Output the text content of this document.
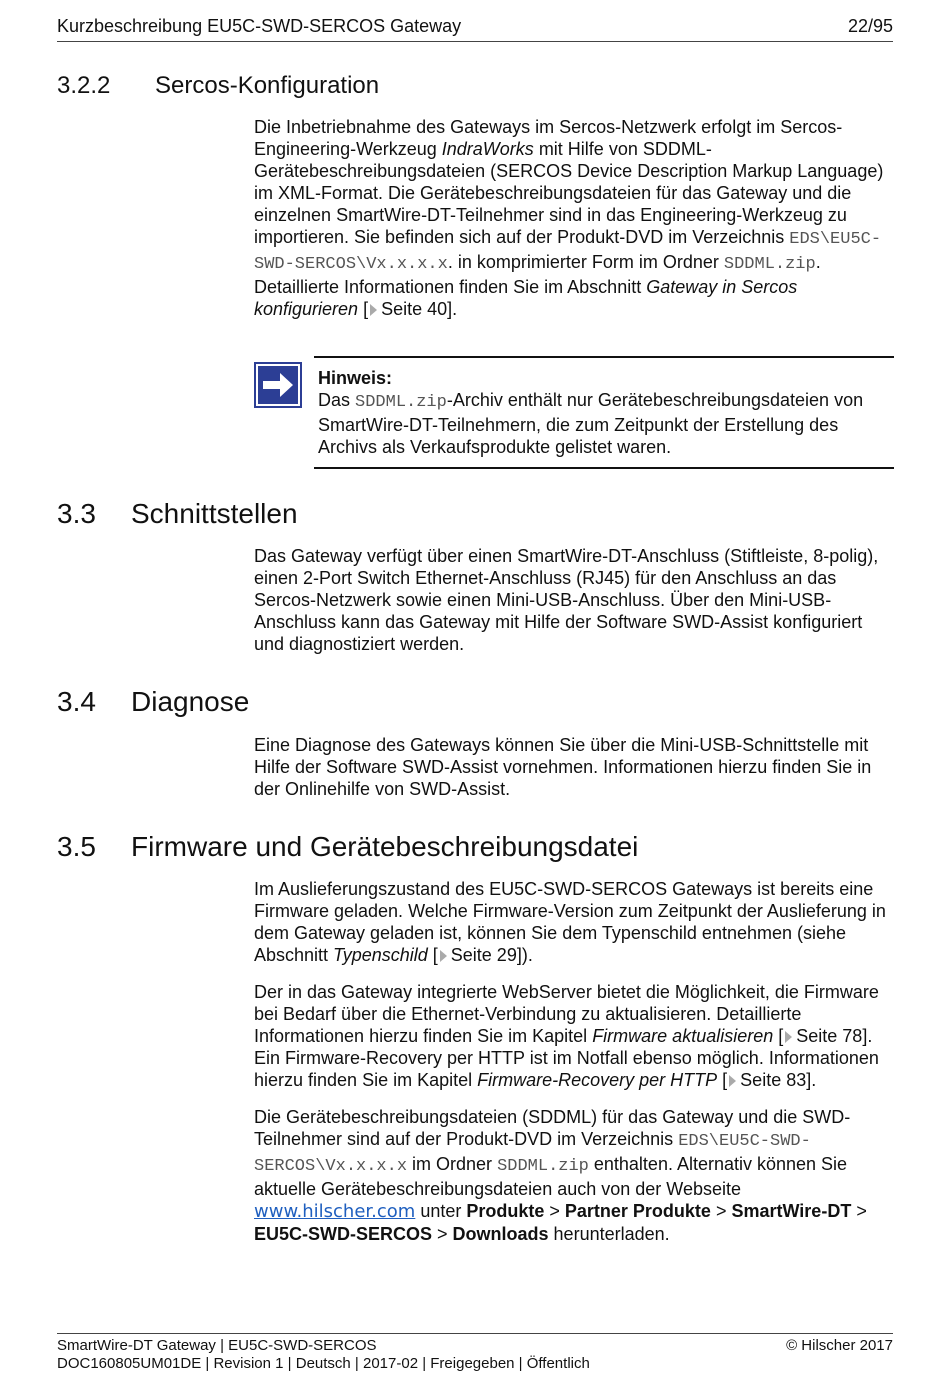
Kurzbeschreibung EU5C-SWD-SERCOS Gateway	22/95
3.2.2 Sercos-Konfiguration

Die Inbetriebnahme des Gateways im Sercos-Netzwerk erfolgt im Sercos-Engineering-Werkzeug IndraWorks mit Hilfe von SDDML-Gerätebeschreibungsdateien (SERCOS Device Description Markup Language) im XML-Format. Die Gerätebeschreibungsdateien für das Gateway und die einzelnen SmartWire-DT-Teilnehmer sind in das Engineering-Werkzeug zu importieren. Sie befinden sich auf der Produkt-DVD im Verzeichnis EDS\EU5C-SWD-SERCOS\Vx.x.x.x. in komprimierter Form im Ordner SDDML.zip.

Detaillierte Informationen finden Sie im Abschnitt Gateway in Sercos konfigurieren [ Seite 40].

Hinweis:
Das SDDML.zip-Archiv enthält nur Gerätebeschreibungsdateien von SmartWire-DT-Teilnehmern, die zum Zeitpunkt der Erstellung des Archivs als Verkaufsprodukte gelistet waren.
3.3 Schnittstellen

Das Gateway verfügt über einen SmartWire-DT-Anschluss (Stiftleiste, 8-polig), einen 2-Port Switch Ethernet-Anschluss (RJ45) für den Anschluss an das Sercos-Netzwerk sowie einen Mini-USB-Anschluss. Über den Mini-USB-Anschluss kann das Gateway mit Hilfe der Software SWD-Assist konfiguriert und diagnostiziert werden.

3.4 Diagnose

Eine Diagnose des Gateways können Sie über die Mini-USB-Schnittstelle mit Hilfe der Software SWD-Assist vornehmen. Informationen hierzu finden Sie in der Onlinehilfe von SWD-Assist.

3.5 Firmware und Gerätebeschreibungsdatei

Im Auslieferungszustand des EU5C-SWD-SERCOS Gateways ist bereits eine Firmware geladen. Welche Firmware-Version zum Zeitpunkt der Auslieferung in dem Gateway geladen ist, können Sie dem Typenschild entnehmen (siehe Abschnitt Typenschild [ Seite 29]).

Der in das Gateway integrierte WebServer bietet die Möglichkeit, die Firmware bei Bedarf über die Ethernet-Verbindung zu aktualisieren. Detaillierte Informationen hierzu finden Sie im Kapitel Firmware aktualisieren [ Seite 78].
Ein Firmware-Recovery per HTTP ist im Notfall ebenso möglich. Informationen hierzu finden Sie im Kapitel Firmware-Recovery per HTTP [ Seite 83].

Die Gerätebeschreibungsdateien (SDDML) für das Gateway und die SWD-Teilnehmer sind auf der Produkt-DVD im Verzeichnis EDS\EU5C-SWD-SERCOS\Vx.x.x.x im Ordner SDDML.zip enthalten. Alternativ können Sie aktuelle Gerätebeschreibungsdateien auch von der Webseite www.hilscher.com unter Produkte > Partner Produkte > SmartWire-DT > EU5C-SWD-SERCOS > Downloads herunterladen.

SmartWire-DT Gateway | EU5C-SWD-SERCOS
DOC160805UM01DE | Revision 1 | Deutsch | 2017-02 | Freigegeben | Öffentlich
© Hilscher 2017
